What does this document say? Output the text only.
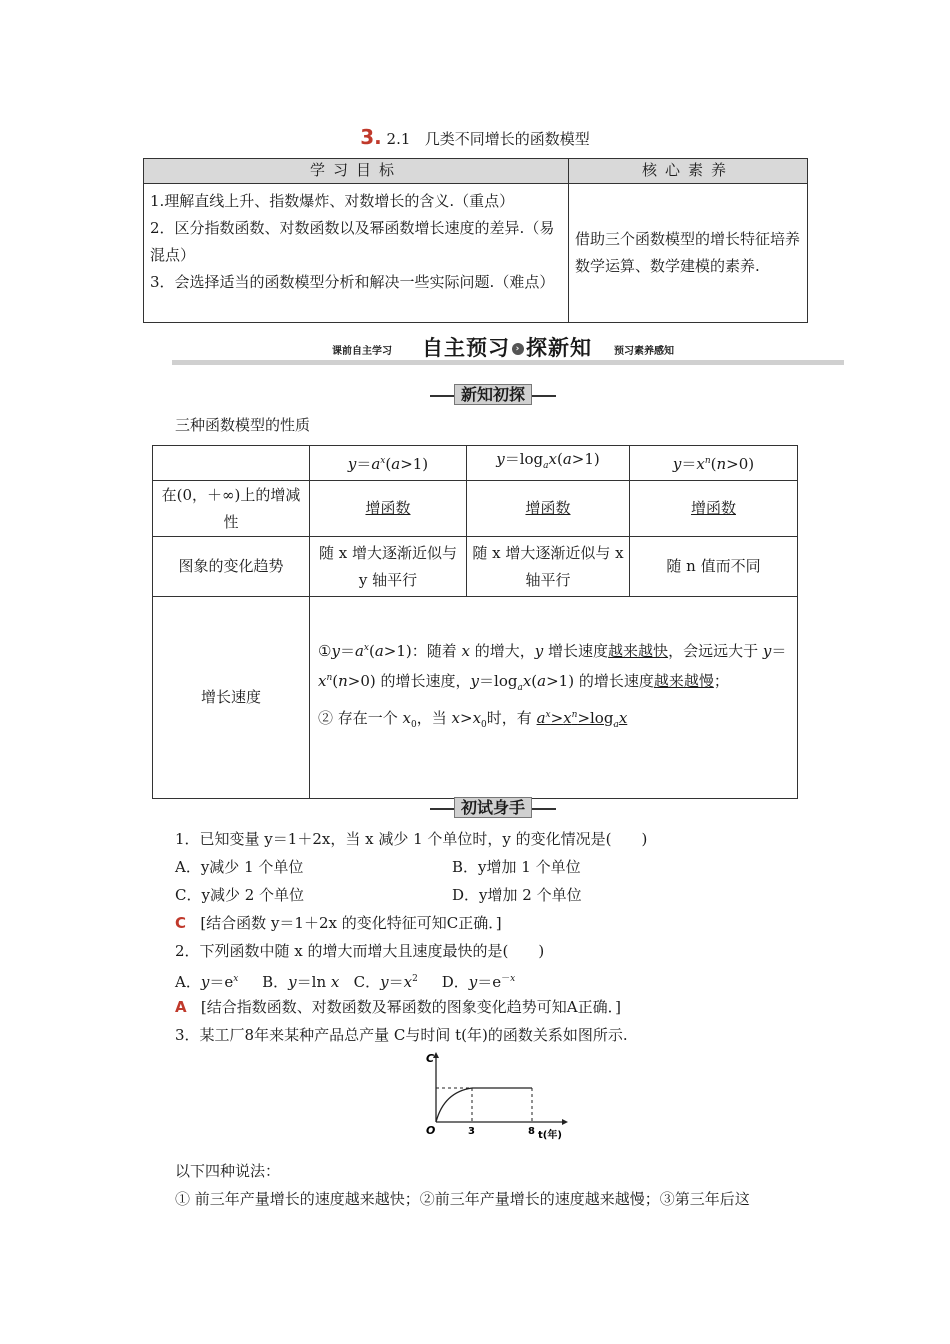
3. 2.1 几类不同增长的函数模型
学习目标	核心素养

1.理解直线上升、指数爆炸、对数增长的含义.（重点）
2．区分指数函数、对数函数以及幂函数增长速度的差异.（易混点）
3．会选择适当的函数模型分析和解决一些实际问题.（难点）	借助三个函数模型的增长特征培养数学运算、数学建模的素养.
课前自主学习 自主预习 › 探新知 预习素养感知
新知初探
三种函数模型的性质
	$y=a^x(a>1)$	$y=\log_ax(a>1)$	$y=x^n(n>0)$
在(0，＋∞)上的增减性	增函数	增函数	增函数
图象的变化趋势	随 x 增大逐渐近似与 y 轴平行	随 x 增大逐渐近似与 x 轴平行	随 n 值而不同
增长速度	$①y=a^x(a>1)$：随着 x 的增大，y 增长速度越来越快，会远远大于 $y=x^n(n>0)$ 的增长速度，$y=\log_ax(a>1)$ 的增长速度越来越慢；
② 存在一个 $x_0$，当 $x>x_0$时，有 $a^x>x^n>\log_ax$		
初试身手
1．已知变量 y＝1＋2x，当 x 减少 1 个单位时，y 的变化情况是(　　)
A．y减少 1 个单位	B．y增加 1 个单位
C．y减少 2 个单位	D．y增加 2 个单位
C [结合函数 y＝1＋2x 的变化特征可知C正确．]
2．下列函数中随 x 的增大而增大且速度最快的是(　　)
A．$y=e^x$     B．y＝ln x   C．$y=x^2$     D．$y=e^{-x}$
A [结合指数函数、对数函数及幂函数的图象变化趋势可知A正确．]
3．某工厂8年来某种产品总产量 C与时间 t(年)的函数关系如图所示.
C
O	3	8 t(年)
以下四种说法：
① 前三年产量增长的速度越来越快；②前三年产量增长的速度越来越慢；③第三年后这
